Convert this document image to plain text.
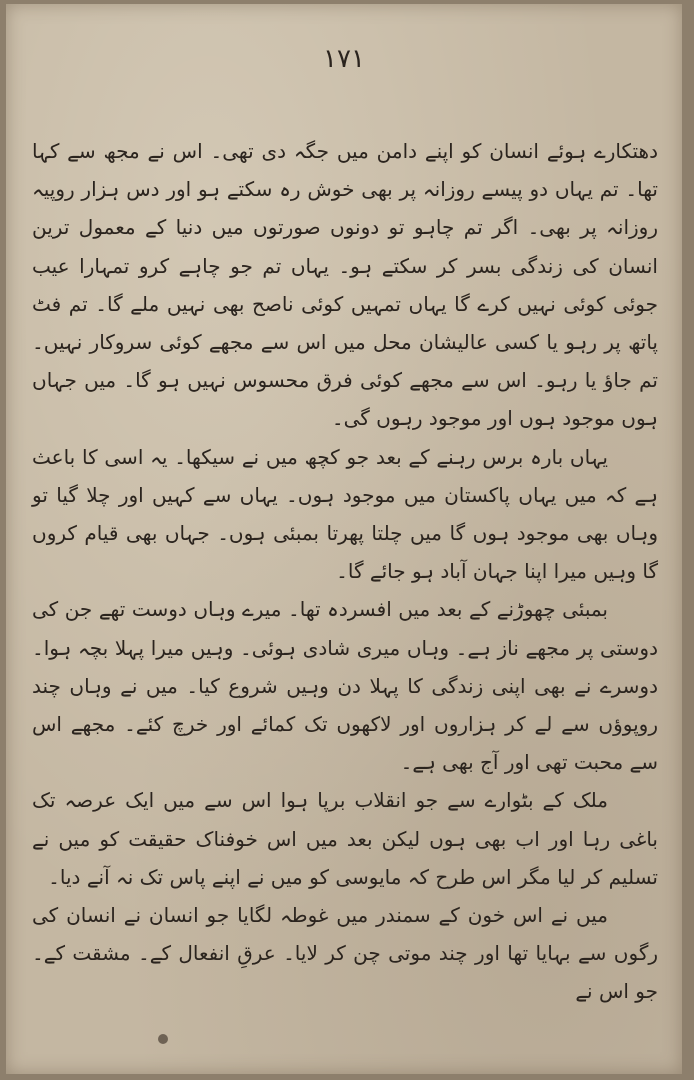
۱۷۱

دھتکارے ہوئے انسان کو اپنے دامن میں جگہ دی تھی۔ اس نے مجھ سے کہا تھا۔ تم یہاں دو پیسے روزانہ پر بھی خوش رہ سکتے ہو اور دس ہزار روپیہ روزانہ پر بھی۔ اگر تم چاہو تو دونوں صورتوں میں دنیا کے معمول ترین انسان کی زندگی بسر کر سکتے ہو۔ یہاں تم جو چاہے کرو تمہارا عیب جوئی کوئی نہیں کرے گا یہاں تمہیں کوئی ناصح بھی نہیں ملے گا۔ تم فٹ پاتھ پر رہو یا کسی عالیشان محل میں اس سے مجھے کوئی سروکار نہیں۔ تم جاؤ یا رہو۔ اس سے مجھے کوئی فرق محسوس نہیں ہو گا۔ میں جہاں ہوں موجود ہوں اور موجود رہوں گی۔

یہاں بارہ برس رہنے کے بعد جو کچھ میں نے سیکھا۔ یہ اسی کا باعث ہے کہ میں یہاں پاکستان میں موجود ہوں۔ یہاں سے کہیں اور چلا گیا تو وہاں بھی موجود ہوں گا میں چلتا پھرتا بمبئی ہوں۔ جہاں بھی قیام کروں گا وہیں میرا اپنا جہان آباد ہو جائے گا۔

بمبئی چھوڑنے کے بعد میں افسردہ تھا۔ میرے وہاں دوست تھے جن کی دوستی پر مجھے ناز ہے۔ وہاں میری شادی ہوئی۔ وہیں میرا پہلا بچہ ہوا۔ دوسرے نے بھی اپنی زندگی کا پہلا دن وہیں شروع کیا۔ میں نے وہاں چند روپوؤں سے لے کر ہزاروں اور لاکھوں تک کمائے اور خرچ کئے۔ مجھے اس سے محبت تھی اور آج بھی ہے۔

ملک کے بٹوارے سے جو انقلاب برپا ہوا اس سے میں ایک عرصہ تک باغی رہا اور اب بھی ہوں لیکن بعد میں اس خوفناک حقیقت کو میں نے تسلیم کر لیا مگر اس طرح کہ مایوسی کو میں نے اپنے پاس تک نہ آنے دیا۔

میں نے اس خون کے سمندر میں غوطہ لگایا جو انسان نے انسان کی رگوں سے بہایا تھا اور چند موتی چن کر لایا۔ عرقِ انفعال کے۔ مشقت کے۔ جو اس نے
